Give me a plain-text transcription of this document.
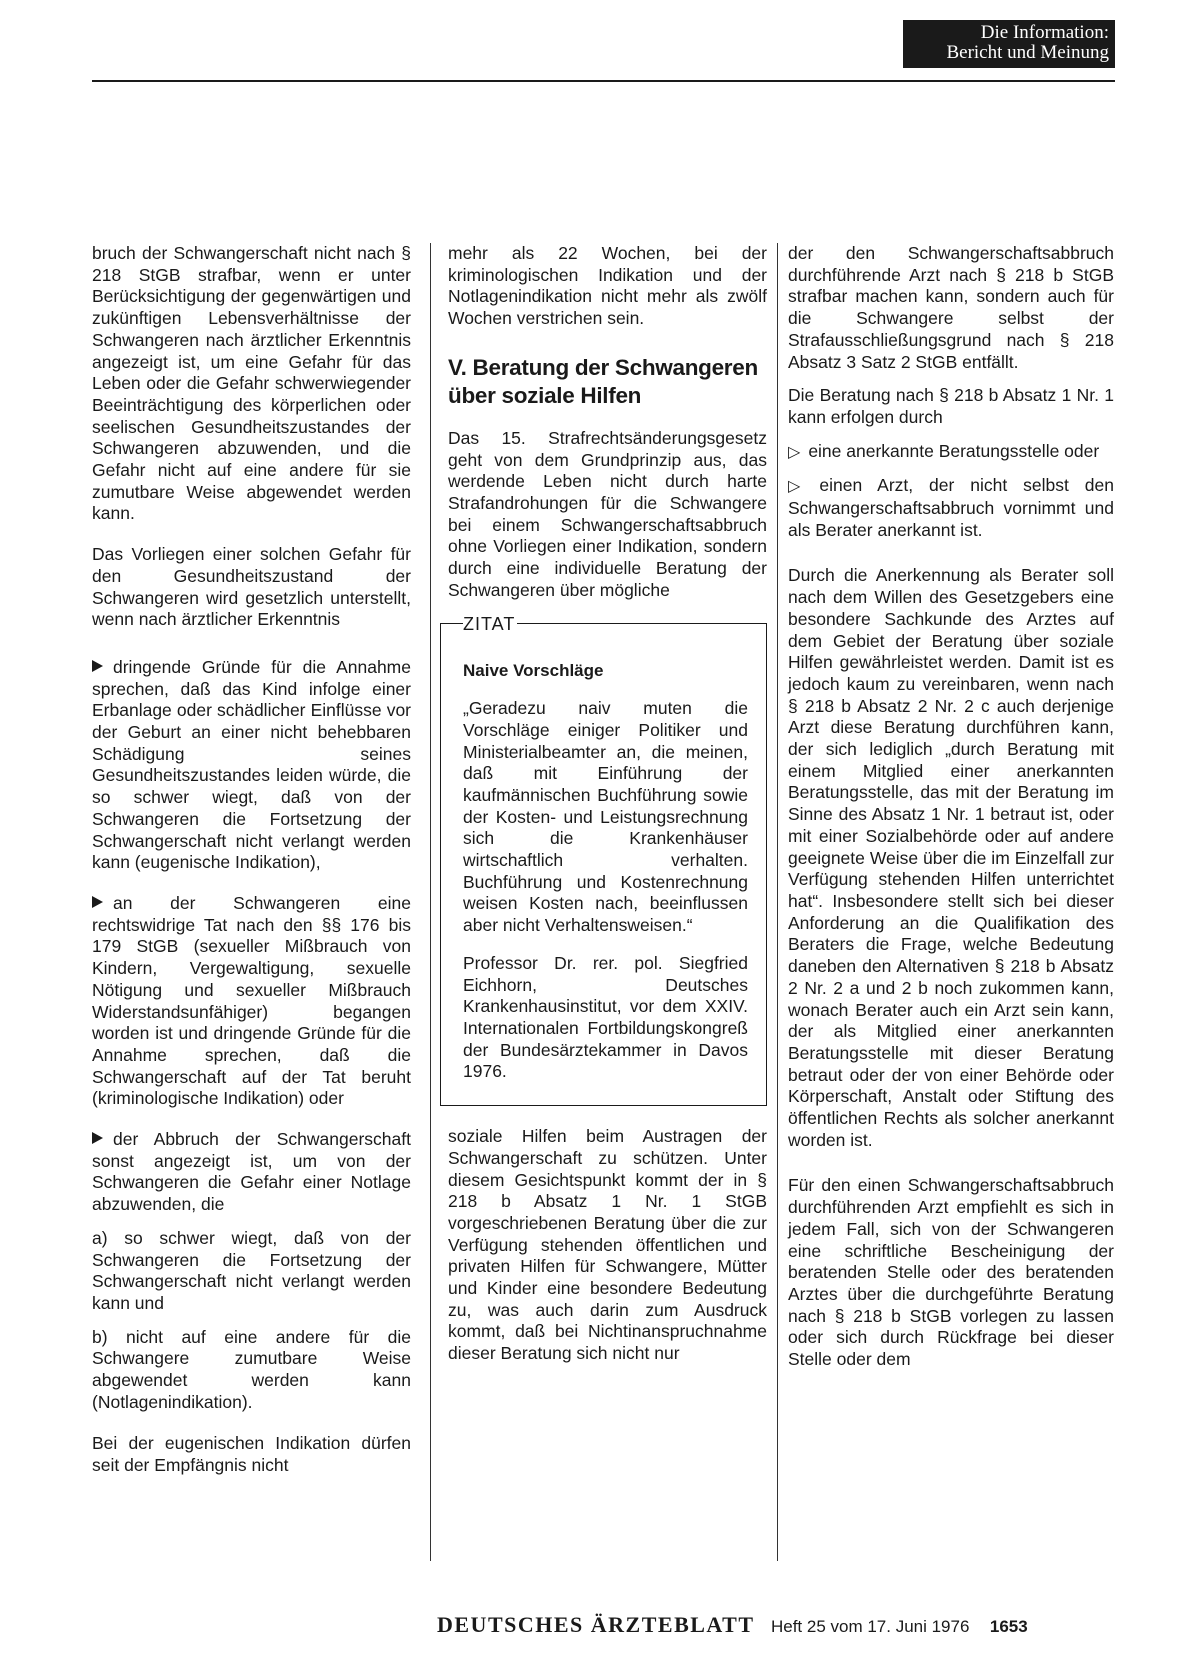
Die Information:
Bericht und Meinung

bruch der Schwangerschaft nicht nach § 218 StGB strafbar, wenn er unter Berücksichtigung der gegenwärtigen und zukünftigen Lebensverhältnisse der Schwangeren nach ärztlicher Erkenntnis angezeigt ist, um eine Gefahr für das Leben oder die Gefahr schwerwiegender Beeinträchtigung des körperlichen oder seelischen Gesundheitszustandes der Schwangeren abzuwenden, und die Gefahr nicht auf eine andere für sie zumutbare Weise abgewendet werden kann.

Das Vorliegen einer solchen Gefahr für den Gesundheitszustand der Schwangeren wird gesetzlich unterstellt, wenn nach ärztlicher Erkenntnis

dringende Gründe für die Annahme sprechen, daß das Kind infolge einer Erbanlage oder schädlicher Einflüsse vor der Geburt an einer nicht behebbaren Schädigung seines Gesundheitszustandes leiden würde, die so schwer wiegt, daß von der Schwangeren die Fortsetzung der Schwangerschaft nicht verlangt werden kann (eugenische Indikation),

an der Schwangeren eine rechtswidrige Tat nach den §§ 176 bis 179 StGB (sexueller Mißbrauch von Kindern, Vergewaltigung, sexuelle Nötigung und sexueller Mißbrauch Widerstandsunfähiger) begangen worden ist und dringende Gründe für die Annahme sprechen, daß die Schwangerschaft auf der Tat beruht (kriminologische Indikation) oder

der Abbruch der Schwangerschaft sonst angezeigt ist, um von der Schwangeren die Gefahr einer Notlage abzuwenden, die

a) so schwer wiegt, daß von der Schwangeren die Fortsetzung der Schwangerschaft nicht verlangt werden kann und

b) nicht auf eine andere für die Schwangere zumutbare Weise abgewendet werden kann (Notlagenindikation).

Bei der eugenischen Indikation dürfen seit der Empfängnis nicht

mehr als 22 Wochen, bei der kriminologischen Indikation und der Notlagenindikation nicht mehr als zwölf Wochen verstrichen sein.

V. Beratung der Schwangeren über soziale Hilfen

Das 15. Strafrechtsänderungsgesetz geht von dem Grundprinzip aus, das werdende Leben nicht durch harte Strafandrohungen für die Schwangere bei einem Schwangerschaftsabbruch ohne Vorliegen einer Indikation, sondern durch eine individuelle Beratung der Schwangeren über mögliche

ZITAT
Naive Vorschläge

„Geradezu naiv muten die Vorschläge einiger Politiker und Ministerialbeamter an, die meinen, daß mit Einführung der kaufmännischen Buchführung sowie der Kosten- und Leistungsrechnung sich die Krankenhäuser wirtschaftlich verhalten. Buchführung und Kostenrechnung weisen Kosten nach, beeinflussen aber nicht Verhaltensweisen.“

Professor Dr. rer. pol. Siegfried Eichhorn, Deutsches Krankenhausinstitut, vor dem XXIV. Internationalen Fortbildungskongreß der Bundesärztekammer in Davos 1976.

soziale Hilfen beim Austragen der Schwangerschaft zu schützen. Unter diesem Gesichtspunkt kommt der in § 218 b Absatz 1 Nr. 1 StGB vorgeschriebenen Beratung über die zur Verfügung stehenden öffentlichen und privaten Hilfen für Schwangere, Mütter und Kinder eine besondere Bedeutung zu, was auch darin zum Ausdruck kommt, daß bei Nichtinanspruchnahme dieser Beratung sich nicht nur

der den Schwangerschaftsabbruch durchführende Arzt nach § 218 b StGB strafbar machen kann, sondern auch für die Schwangere selbst der Strafausschließungsgrund nach § 218 Absatz 3 Satz 2 StGB entfällt.

Die Beratung nach § 218 b Absatz 1 Nr. 1 kann erfolgen durch

▷ eine anerkannte Beratungsstelle oder

▷ einen Arzt, der nicht selbst den Schwangerschaftsabbruch vornimmt und als Berater anerkannt ist.

Durch die Anerkennung als Berater soll nach dem Willen des Gesetzgebers eine besondere Sachkunde des Arztes auf dem Gebiet der Beratung über soziale Hilfen gewährleistet werden. Damit ist es jedoch kaum zu vereinbaren, wenn nach § 218 b Absatz 2 Nr. 2 c auch derjenige Arzt diese Beratung durchführen kann, der sich lediglich „durch Beratung mit einem Mitglied einer anerkannten Beratungsstelle, das mit der Beratung im Sinne des Absatz 1 Nr. 1 betraut ist, oder mit einer Sozialbehörde oder auf andere geeignete Weise über die im Einzelfall zur Verfügung stehenden Hilfen unterrichtet hat“. Insbesondere stellt sich bei dieser Anforderung an die Qualifikation des Beraters die Frage, welche Bedeutung daneben den Alternativen § 218 b Absatz 2 Nr. 2 a und 2 b noch zukommen kann, wonach Berater auch ein Arzt sein kann, der als Mitglied einer anerkannten Beratungsstelle mit dieser Beratung betraut oder der von einer Behörde oder Körperschaft, Anstalt oder Stiftung des öffentlichen Rechts als solcher anerkannt worden ist.

Für den einen Schwangerschaftsabbruch durchführenden Arzt empfiehlt es sich in jedem Fall, sich von der Schwangeren eine schriftliche Bescheinigung der beratenden Stelle oder des beratenden Arztes über die durchgeführte Beratung nach § 218 b StGB vorlegen zu lassen oder sich durch Rückfrage bei dieser Stelle oder dem

DEUTSCHES ÄRZTEBLATT Heft 25 vom 17. Juni 1976 1653
